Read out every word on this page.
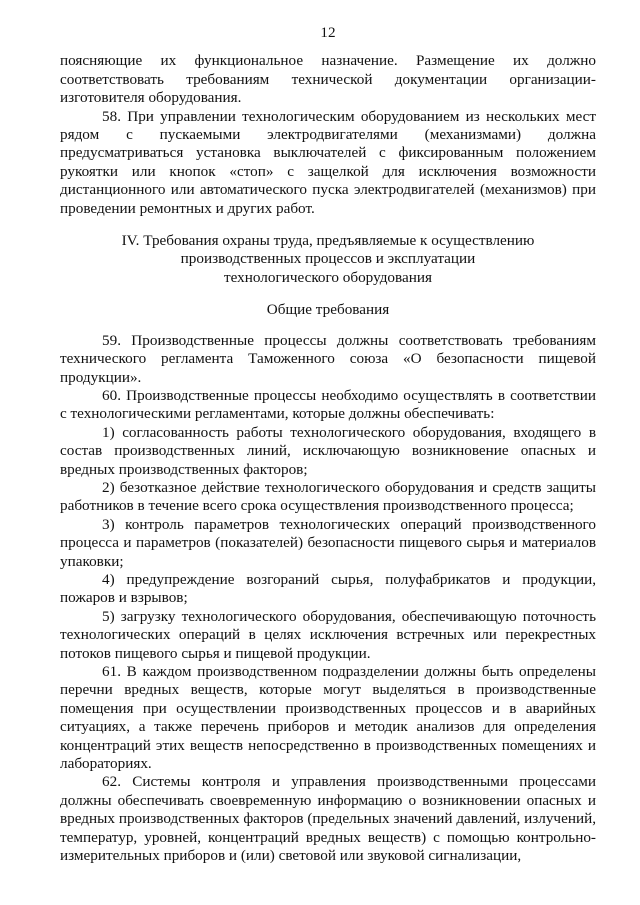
12

поясняющие их функциональное назначение. Размещение их должно соответствовать требованиям технической документации организации-изготовителя оборудования.

58. При управлении технологическим оборудованием из нескольких мест рядом с пускаемыми электродвигателями (механизмами) должна предусматриваться установка выключателей с фиксированным положением рукоятки или кнопок «стоп» с защелкой для исключения возможности дистанционного или автоматического пуска электродвигателей (механизмов) при проведении ремонтных и других работ.

IV. Требования охраны труда, предъявляемые к осуществлению
производственных процессов и эксплуатации
технологического оборудования
Общие требования

59. Производственные процессы должны соответствовать требованиям технического регламента Таможенного союза «О безопасности пищевой продукции».

60. Производственные процессы необходимо осуществлять в соответствии с технологическими регламентами, которые должны обеспечивать:

1) согласованность работы технологического оборудования, входящего в состав производственных линий, исключающую возникновение опасных и вредных производственных факторов;

2) безотказное действие технологического оборудования и средств защиты работников в течение всего срока осуществления производственного процесса;

3) контроль параметров технологических операций производственного процесса и параметров (показателей) безопасности пищевого сырья и материалов упаковки;

4) предупреждение возгораний сырья, полуфабрикатов и продукции, пожаров и взрывов;

5) загрузку технологического оборудования, обеспечивающую поточность технологических операций в целях исключения встречных или перекрестных потоков пищевого сырья и пищевой продукции.

61. В каждом производственном подразделении должны быть определены перечни вредных веществ, которые могут выделяться в производственные помещения при осуществлении производственных процессов и в аварийных ситуациях, а также перечень приборов и методик анализов для определения концентраций этих веществ непосредственно в производственных помещениях и лабораториях.

62. Системы контроля и управления производственными процессами должны обеспечивать своевременную информацию о возникновении опасных и вредных производственных факторов (предельных значений давлений, излучений, температур, уровней, концентраций вредных веществ) с помощью контрольно-измерительных приборов и (или) световой или звуковой сигнализации,
